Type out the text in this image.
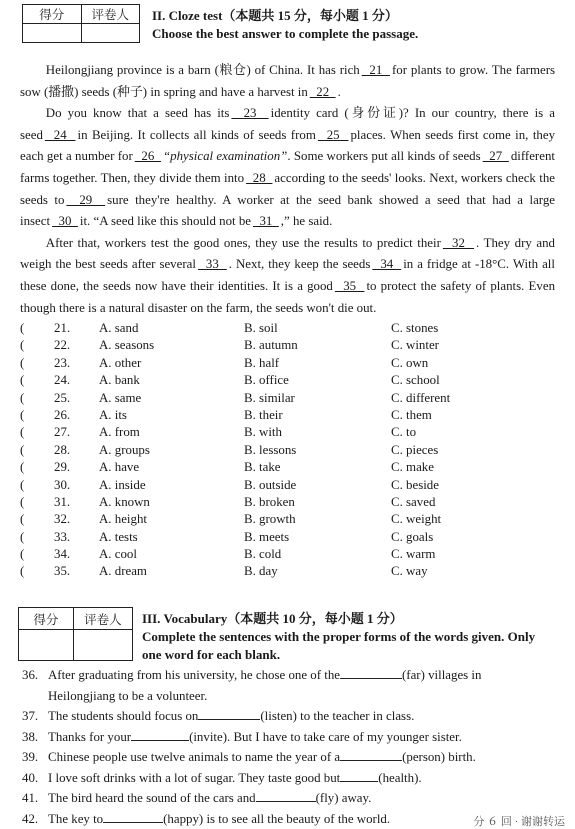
得分	评卷人
	II. Cloze test（本题共 15 分，每小题 1 分）
Choose the best answer to complete the passage.

Heilongjiang province is a barn (粮仓) of China. It has rich  21  for plants to grow. The farmers sow (播撒) seeds (种子) in spring and have a harvest in  22  .

Do you know that a seed has its  23  identity card (身份证)? In our country, there is a seed  24  in Beijing. It collects all kinds of seeds from  25  places. When seeds first come in, they each get a number for  26  “physical examination”. Some workers put all kinds of seeds  27  different farms together. Then, they divide them into  28  according to the seeds' looks. Next, workers check the seeds to  29  sure they're healthy. A worker at the seed bank showed a seed that had a large insect  30  it. “A seed like this should not be  31  ,” he said.

After that, workers test the good ones, they use the results to predict their  32  . They dry and weigh the best seeds after several  33  . Next, they keep the seeds  34  in a fridge at -18°C. With all these done, the seeds now have their identities. It is a good  35  to protect the safety of plants. Even though there is a natural disaster on the farm, the seeds won't die out.

( 21. A. sand	B. soil	C. stones
( 22. A. seasons	B. autumn	C. winter
( 23. A. other	B. half	C. own
( 24. A. bank	B. office	C. school
( 25. A. same	B. similar	C. different
( 26. A. its	B. their	C. them
( 27. A. from	B. with	C. to
( 28. A. groups	B. lessons	C. pieces
( 29. A. have	B. take	C. make
( 30. A. inside	B. outside	C. beside
( 31. A. known	B. broken	C. saved
( 32. A. height	B. growth	C. weight
( 33. A. tests	B. meets	C. goals
( 34. A. cool	B. cold	C. warm
( 35. A. dream	B. day	C. way
得分	评卷人
	III. Vocabulary（本题共 10 分，每小题 1 分）
Complete the sentences with the proper forms of the words given. Only
one word for each blank.
36. After graduating from his university, he chose one of the	(far) villages in
Heilongjiang to be a volunteer.
37. The students should focus on	(listen) to the teacher in class.
38. Thanks for your	(invite). But I have to take care of my younger sister.
39. Chinese people use twelve animals to name the year of a	(person) birth.
40. I love soft drinks with a lot of sugar. They taste good but	(health).
41. The bird heard the sound of the cars and	(fly) away.
42. The key to	(happy) is to see all the beauty of the world.	分 ６ 回 · 谢谢转运
